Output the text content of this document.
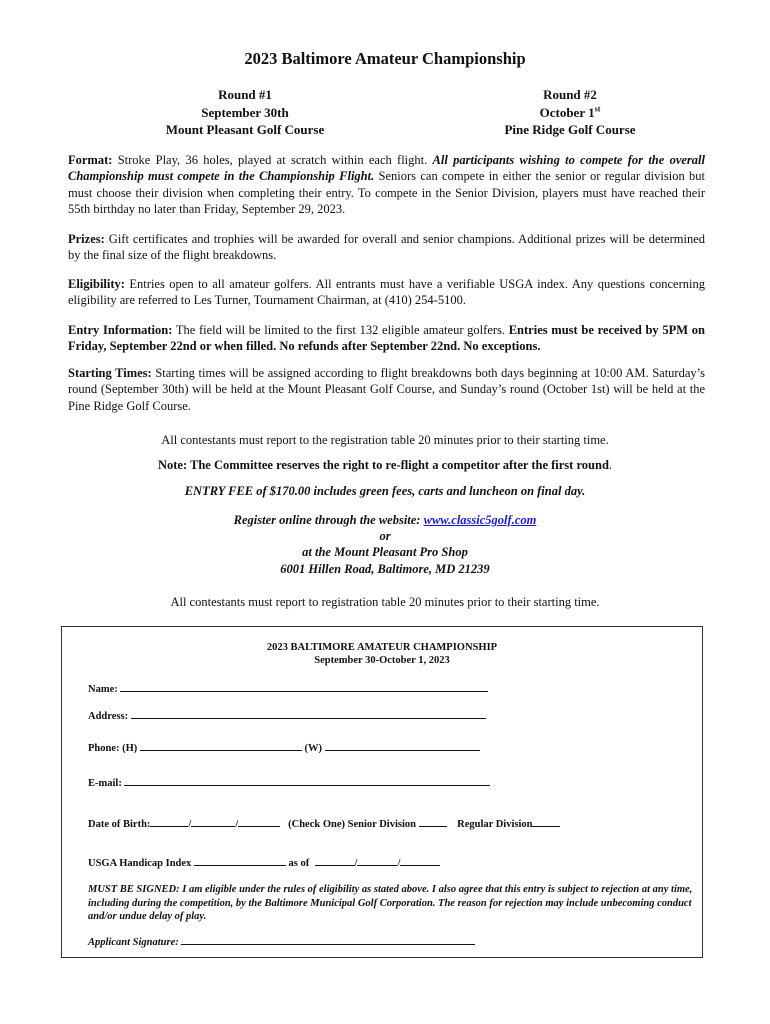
2023 Baltimore Amateur Championship
Round #1
September 30th
Mount Pleasant Golf Course
Round #2
October 1st
Pine Ridge Golf Course
Format: Stroke Play, 36 holes, played at scratch within each flight. All participants wishing to compete for the overall Championship must compete in the Championship Flight. Seniors can compete in either the senior or regular division but must choose their division when completing their entry. To compete in the Senior Division, players must have reached their 55th birthday no later than Friday, September 29, 2023.
Prizes: Gift certificates and trophies will be awarded for overall and senior champions. Additional prizes will be determined by the final size of the flight breakdowns.
Eligibility: Entries open to all amateur golfers. All entrants must have a verifiable USGA index. Any questions concerning eligibility are referred to Les Turner, Tournament Chairman, at (410) 254-5100.
Entry Information: The field will be limited to the first 132 eligible amateur golfers. Entries must be received by 5PM on Friday, September 22nd or when filled. No refunds after September 22nd. No exceptions.
Starting Times: Starting times will be assigned according to flight breakdowns both days beginning at 10:00 AM. Saturday’s round (September 30th) will be held at the Mount Pleasant Golf Course, and Sunday’s round (October 1st) will be held at the Pine Ridge Golf Course.
All contestants must report to the registration table 20 minutes prior to their starting time.
Note: The Committee reserves the right to re-flight a competitor after the first round.
ENTRY FEE of $170.00 includes green fees, carts and luncheon on final day.
Register online through the website: www.classic5golf.com
or
at the Mount Pleasant Pro Shop
6001 Hillen Road, Baltimore, MD 21239
All contestants must report to registration table 20 minutes prior to their starting time.
2023 BALTIMORE AMATEUR CHAMPIONSHIP
September 30-October 1, 2023
Name:
Address:
Phone: (H)	(W)
E-mail:
Date of Birth:	/	/	(Check One) Senior Division	Regular Division
USGA Handicap Index	as of	/	/
MUST BE SIGNED: I am eligible under the rules of eligibility as stated above. I also agree that this entry is subject to rejection at any time, including during the competition, by the Baltimore Municipal Golf Corporation. The reason for rejection may include unbecoming conduct and/or undue delay of play.
Applicant Signature:
